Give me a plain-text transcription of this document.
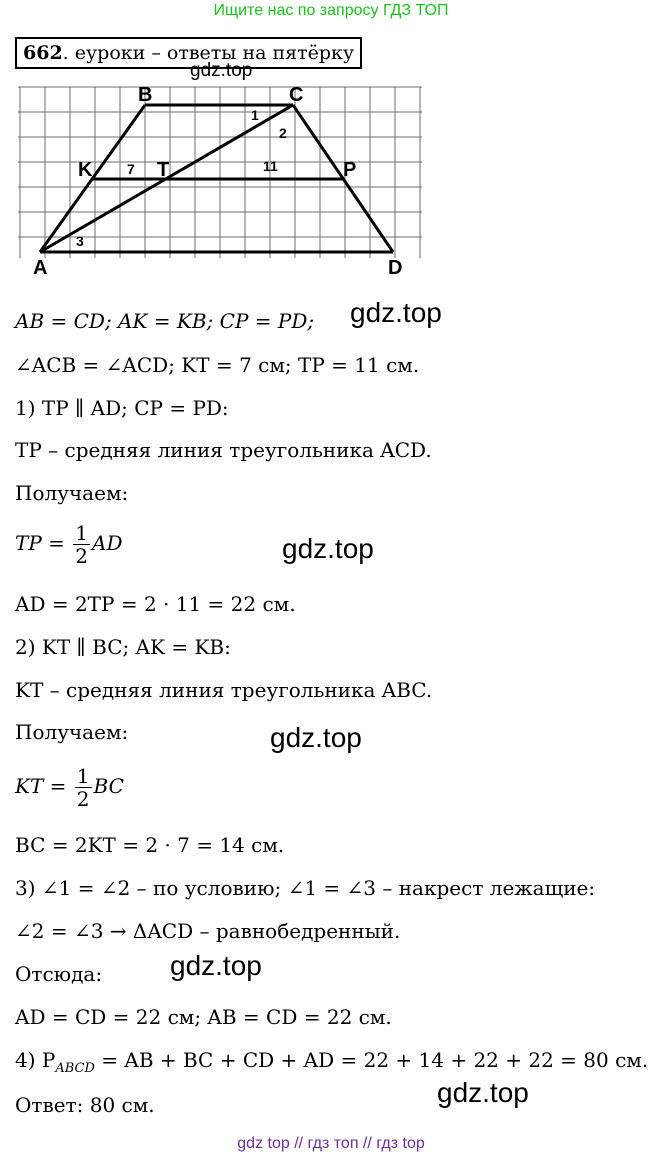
Ищите нас по запросу ГДЗ ТОП
662. еуроки – ответы на пятёрку
gdz.top
B	C
K	T	P
A	D
1
2
3
7	11
AB = CD; AK = KB; CP = PD; gdz.top
∠ACB = ∠ACD; KT = 7 см; TP = 11 см.
1) TP ∥ AD; CP = PD:
TP – средняя линия треугольника ACD.
Получаем:
TP = $\frac{1}{2}$ AD	gdz.top
AD = 2TP = 2 · 11 = 22 см.
2) KT ∥ BC; AK = KB:
KT – средняя линия треугольника ABC.
Получаем:	gdz.top
KT = $\frac{1}{2}$ BC
BC = 2KT = 2 · 7 = 14 см.
3) ∠1 = ∠2 – по условию; ∠1 = ∠3 – накрест лежащие:
∠2 = ∠3 → ΔACD – равнобедренный.
Отсюда: gdz.top
AD = CD = 22 см; AB = CD = 22 см.
4) $P_{ABCD}$ = AB + BC + CD + AD = 22 + 14 + 22 + 22 = 80 см.
Ответ: 80 см.	gdz.top
gdz top // гдз топ // гдз top
